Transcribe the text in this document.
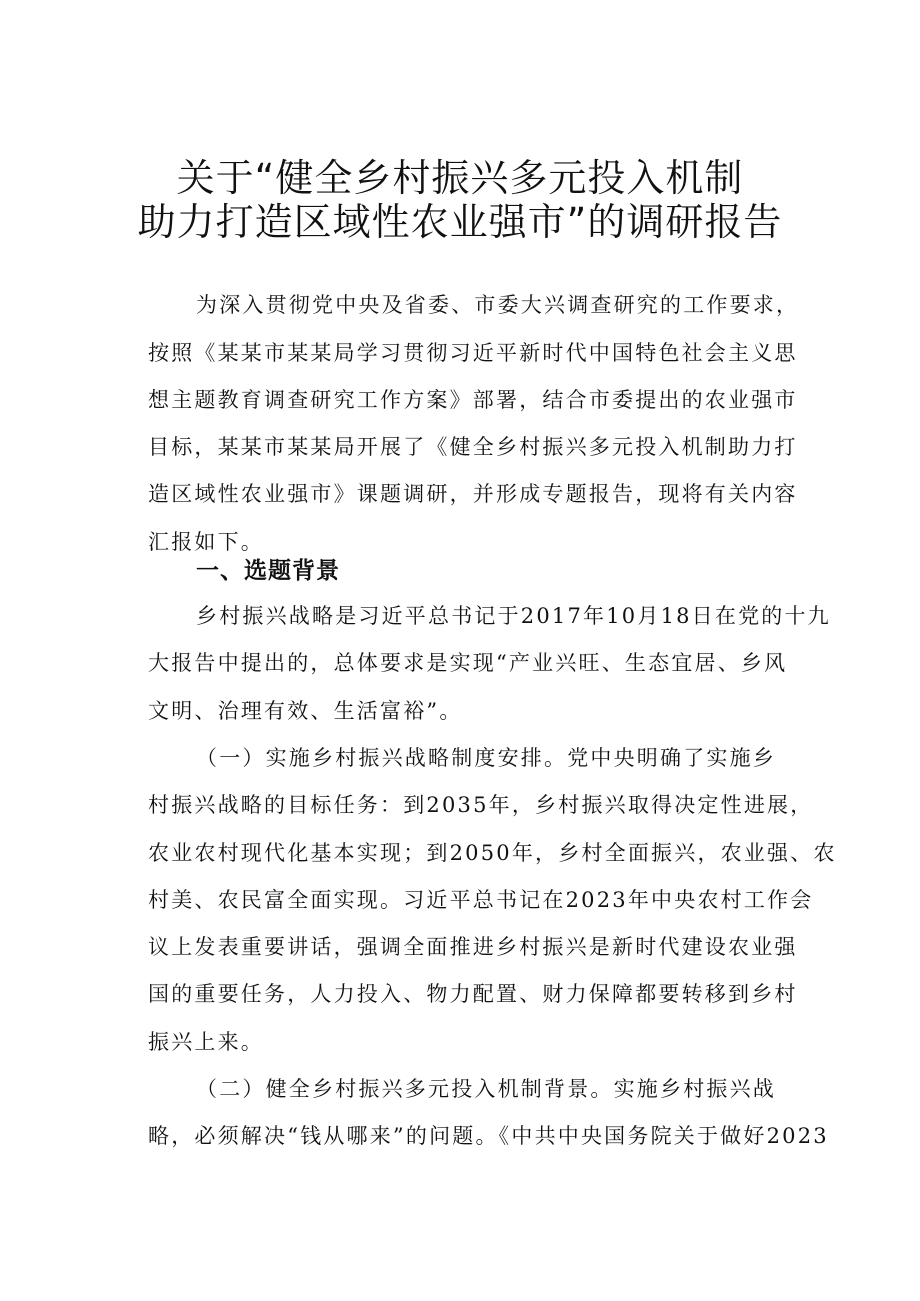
关于“健全乡村振兴多元投入机制
助力打造区域性农业强市”的调研报告
为深入贯彻党中央及省委、市委大兴调查研究的工作要求，
按照《某某市某某局学习贯彻习近平新时代中国特色社会主义思
想主题教育调查研究工作方案》部署，结合市委提出的农业强市
目标，某某市某某局开展了《健全乡村振兴多元投入机制助力打
造区域性农业强市》课题调研，并形成专题报告，现将有关内容
汇报如下。
一、选题背景
乡村振兴战略是习近平总书记于2017年10月18日在党的十九
大报告中提出的，总体要求是实现“产业兴旺、生态宜居、乡风
文明、治理有效、生活富裕”。
（一）实施乡村振兴战略制度安排。党中央明确了实施乡
村振兴战略的目标任务：到2035年，乡村振兴取得决定性进展，
农业农村现代化基本实现；到2050年，乡村全面振兴，农业强、农
村美、农民富全面实现。习近平总书记在2023年中央农村工作会
议上发表重要讲话，强调全面推进乡村振兴是新时代建设农业强
国的重要任务，人力投入、物力配置、财力保障都要转移到乡村
振兴上来。
（二）健全乡村振兴多元投入机制背景。实施乡村振兴战
略，必须解决“钱从哪来”的问题。《中共中央国务院关于做好2023
